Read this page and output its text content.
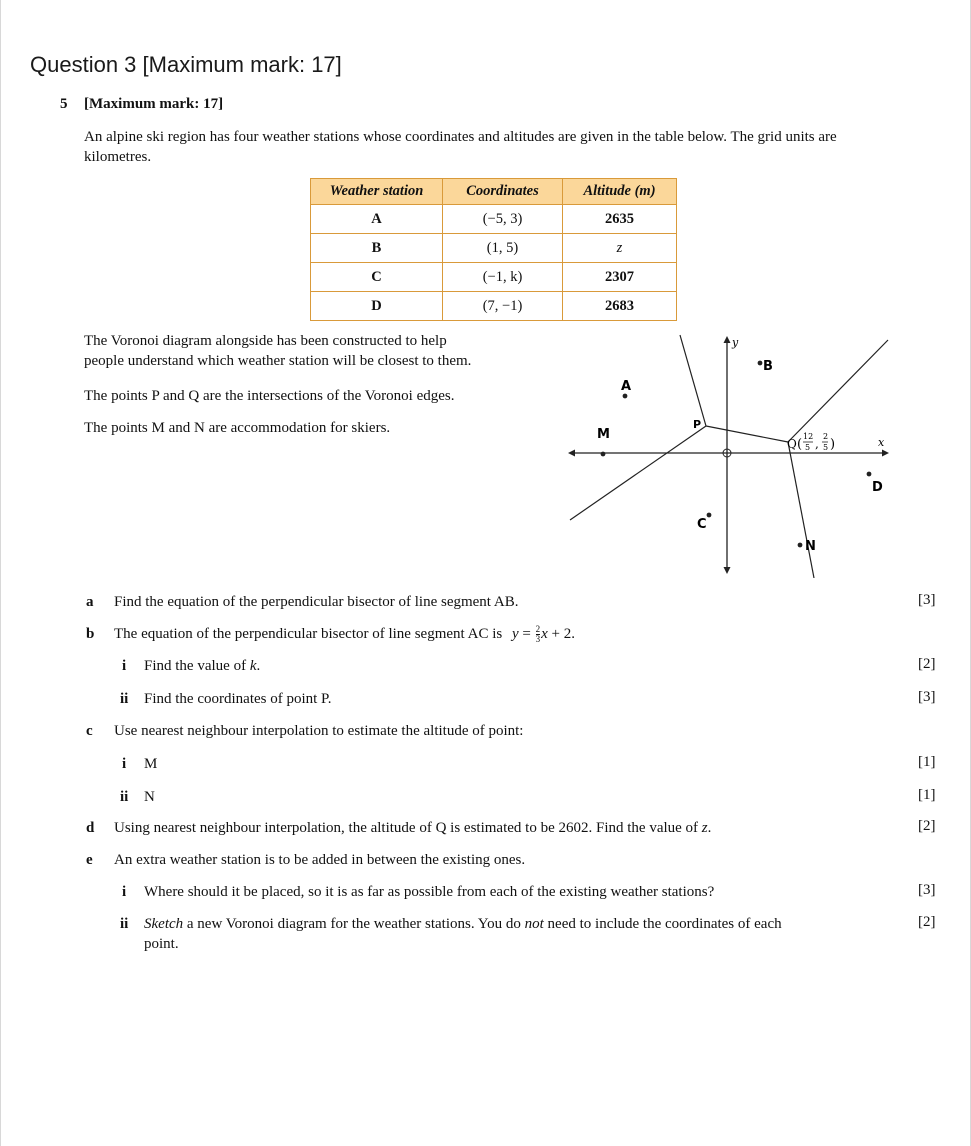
Question 3 [Maximum mark: 17]
5 [Maximum mark: 17]
An alpine ski region has four weather stations whose coordinates and altitudes are given in the table below. The grid units are kilometres.
Weather station	Coordinates	Altitude (m)
A	(−5, 3)	2635
B	(1, 5)	z
C	(−1, k)	2307
D	(7, −1)	2683
The Voronoi diagram alongside has been constructed to help
people understand which weather station will be closest to them.
The points P and Q are the intersections of the Voronoi edges.
The points M and N are accommodation for skiers.
y
x
B
A
M
P
D
C
N
Q (
12
5 ,
2
5 )
a Find the equation of the perpendicular bisector of line segment AB.	[3]
b The equation of the perpendicular bisector of line segment AC is $y = \frac{2}{3}$ x + 2.
i Find the value of k.	[2]
ii Find the coordinates of point P.	[3]
c Use nearest neighbour interpolation to estimate the altitude of point:
i M	[1]
ii N	[1]
d Using nearest neighbour interpolation, the altitude of Q is estimated to be 2602. Find the value of z.	[2]
e An extra weather station is to be added in between the existing ones.
i Where should it be placed, so it is as far as possible from each of the existing weather stations?	[3]
ii Sketch a new Voronoi diagram for the weather stations. You do not need to include the coordinates of each
point.
[2]
